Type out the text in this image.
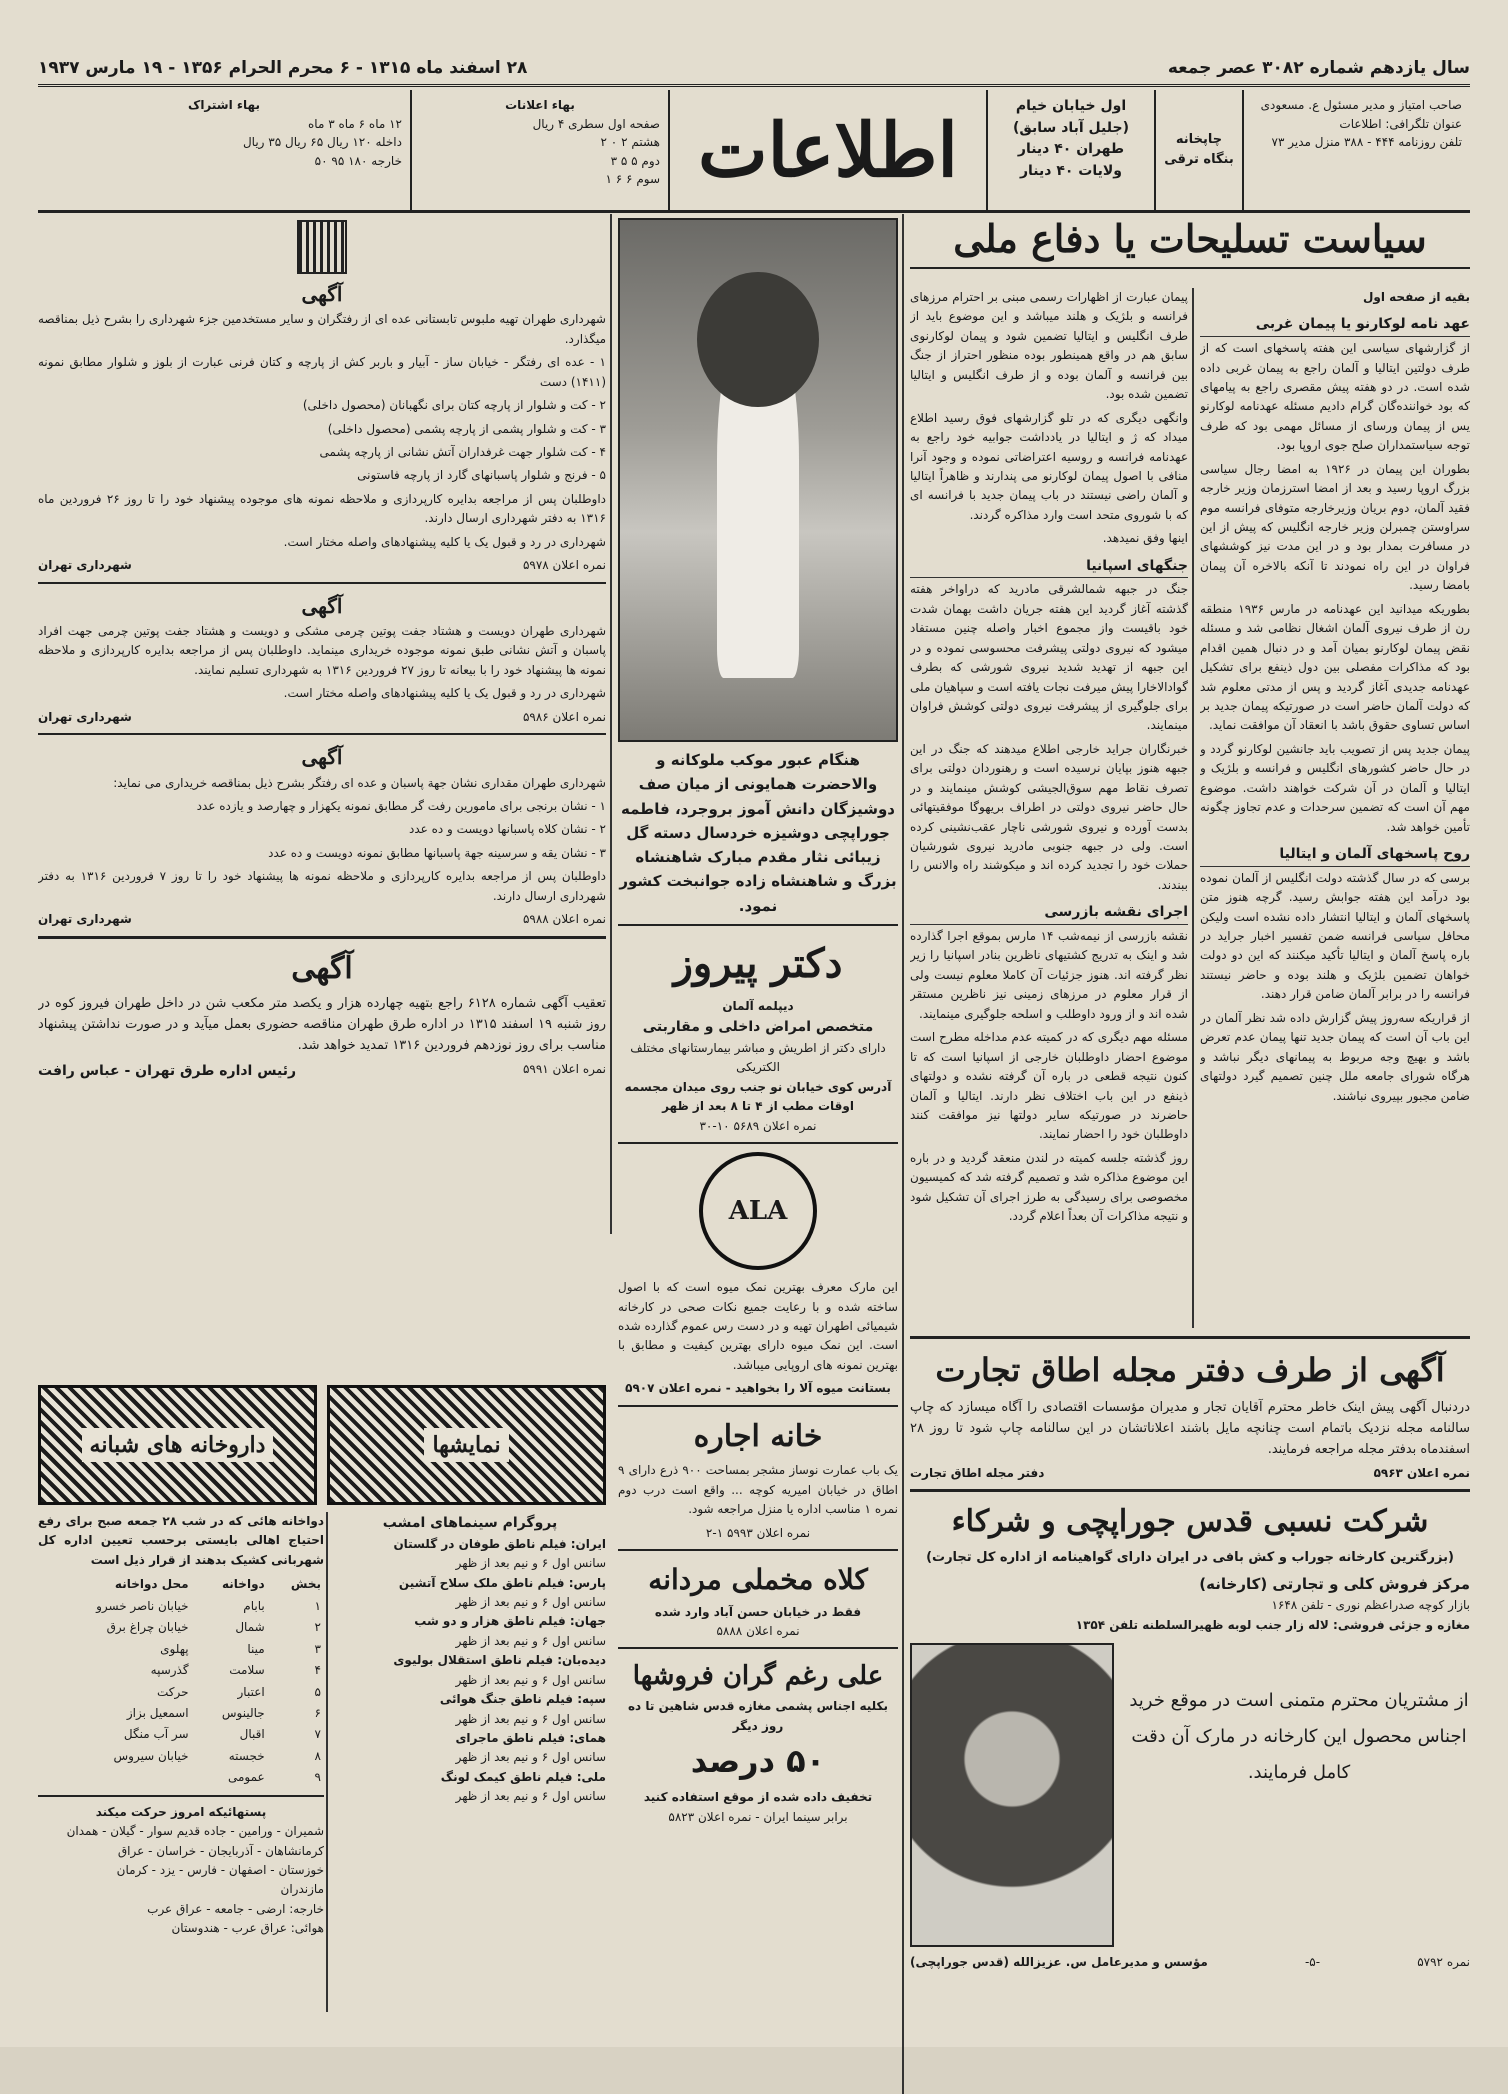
سال یازدهم شماره ۳۰۸۲ عصر جمعه
۲۸ اسفند ماه ۱۳۱۵ - ۶ محرم الحرام ۱۳۵۶ - ۱۹ مارس ۱۹۳۷
صاحب امتیاز و مدیر مسئول ع. مسعودی
عنوان تلگرافی: اطلاعات
تلفن روزنامه ۴۴۴ - ۳۸۸ منزل مدیر ۷۳
چاپخانه بنگاه ترقی
اول خیابان خیام
(جلیل آباد سابق)
طهران ۴۰ دینار
ولایات ۴۰ دینار
اطلاعات
بهاء اعلانات
صفحه اول سطری ۴ ریال
هشتم ۲ ۰ ۲
دوم ۵ ۵ ۳
سوم ۶ ۶ ۱
بهاء اشتراک
۱۲ ماه ۶ ماه ۳ ماه
داخله ۱۲۰ ریال ۶۵ ریال ۳۵ ریال
خارجه ۱۸۰ ۹۵ ۵۰
سیاست تسلیحات یا دفاع ملی
بقیه از صفحه اول
عهد نامه لوکارنو یا پیمان غربی

از گزارشهای سیاسی این هفته پاسخهای است که از طرف دولتین ایتالیا و آلمان راجع به پیمان غربی داده شده است. در دو هفته پیش مقصری راجع به پیامهای که بود خواننده‌گان گرام دادیم مسئله عهدنامه لوکارنو یس از پیمان ورسای از مسائل مهمی بود که طرف توجه سیاستمداران صلح جوی اروپا بود.

بطوران این پیمان در ۱۹۲۶ به امضا رجال سیاسی بزرگ اروپا رسید و بعد از امضا استرزمان وزیر خارجه فقید آلمان، دوم بریان وزیرخارجه متوفای فرانسه موم سراوستن چمبرلن وزیر خارجه انگلیس که پیش از این در مسافرت بمدار بود و در این مدت نیز کوششهای فراوان در این راه نمودند تا آنکه بالاخره آن پیمان بامضا رسید.

بطوریکه میدانید این عهدنامه در مارس ۱۹۳۶ منطقه رن از طرف نیروی آلمان اشغال نظامی شد و مسئله نقض پیمان لوکارنو بمیان آمد و در دنبال همین اقدام بود که مذاکرات مفصلی بین دول ذینفع برای تشکیل عهدنامه جدیدی آغاز گردید و پس از مدتی معلوم شد که دولت آلمان حاضر است در صورتیکه پیمان جدید بر اساس تساوی حقوق باشد با انعقاد آن موافقت نماید.

پیمان جدید پس از تصویب باید جانشین لوکارنو گردد و در حال حاضر کشورهای انگلیس و فرانسه و بلژیک و ایتالیا و آلمان در آن شرکت خواهند داشت. موضوع مهم آن است که تضمین سرحدات و عدم تجاوز چگونه تأمین خواهد شد.

روح پاسخهای آلمان و ایتالیا

برسی که در سال گذشته دولت انگلیس از آلمان نموده بود درآمد این هفته جوابش رسید. گرچه هنوز متن پاسخهای آلمان و ایتالیا انتشار داده نشده است ولیکن محافل سیاسی فرانسه ضمن تفسیر اخبار جراید در باره پاسخ آلمان و ایتالیا تأکید میکنند که این دو دولت خواهان تضمین بلژیک و هلند بوده و حاضر نیستند فرانسه را در برابر آلمان ضامن قرار دهند.

از قراریکه سه‌روز پیش گزارش داده شد نظر آلمان در این باب آن است که پیمان جدید تنها پیمان عدم تعرض باشد و بهیچ وجه مربوط به پیمانهای دیگر نباشد و هرگاه شورای جامعه ملل چنین تصمیم گیرد دولتهای ضامن مجبور بپیروی نباشند.

پیمان عبارت از اظهارات رسمی مبنی بر احترام مرزهای فرانسه و بلژیک و هلند میباشد و این موضوع باید از طرف انگلیس و ایتالیا تضمین شود و پیمان لوکارنوی سابق هم در واقع همینطور بوده منظور احتراز از جنگ بین فرانسه و آلمان بوده و از طرف انگلیس و ایتالیا تضمین شده بود.

وانگهی دیگری که در تلو گزارشهای فوق رسید اطلاع میداد که ژ و ایتالیا در یادداشت جوابیه خود راجع به عهدنامه فرانسه و روسیه اعتراضاتی نموده و وجود آنرا منافی با اصول پیمان لوکارنو می پندارند و ظاهراً ایتالیا و آلمان راضی نیستند در باب پیمان جدید با فرانسه ای که با شوروی متحد است وارد مذاکره گردند.

اینها وفق نمیدهد.

جنگهای اسپانیا

جنگ در جبهه شمالشرقی مادرید که دراواخر هفته گذشته آغاز گردید این هفته جریان داشت بهمان شدت خود باقیست واز مجموع اخبار واصله چنین مستفاد میشود که نیروی دولتی پیشرفت محسوسی نموده و در این جبهه از تهدید شدید نیروی شورشی که بطرف گوادالاخارا پیش میرفت نجات یافته است و سپاهیان ملی برای جلوگیری از پیشرفت نیروی دولتی کوشش فراوان مینمایند.

خبرنگاران جراید خارجی اطلاع میدهند که جنگ در این جبهه هنوز بپایان نرسیده است و رهنوردان دولتی برای تصرف نقاط مهم سوق‌الجیشی کوشش مینمایند و در حال حاضر نیروی دولتی در اطراف بریهوگا موفقیتهائی بدست آورده و نیروی شورشی ناچار عقب‌نشینی کرده است. ولی در جبهه جنوبی مادرید نیروی شورشیان حملات خود را تجدید کرده اند و میکوشند راه والانس را ببندند.

اجرای نقشه بازرسی

نقشه بازرسی از نیمه‌شب ۱۴ مارس بموقع اجرا گذارده شد و اینک به تدریج کشتیهای ناظرین بنادر اسپانیا را زیر نظر گرفته اند. هنوز جزئیات آن کاملا معلوم نیست ولی از قرار معلوم در مرزهای زمینی نیز ناظرین مستقر شده اند و از ورود داوطلب و اسلحه جلوگیری مینمایند.

مسئله مهم دیگری که در کمیته عدم مداخله مطرح است موضوع احضار داوطلبان خارجی از اسپانیا است که تا کنون نتیجه قطعی در باره آن گرفته نشده و دولتهای ذینفع در این باب اختلاف نظر دارند. ایتالیا و آلمان حاضرند در صورتیکه سایر دولتها نیز موافقت کنند داوطلبان خود را احضار نمایند.

روز گذشته جلسه کمیته در لندن منعقد گردید و در باره این موضوع مذاکره شد و تصمیم گرفته شد که کمیسیون مخصوصی برای رسیدگی به طرز اجرای آن تشکیل شود و نتیجه مذاکرات آن بعداً اعلام گردد.

هنگام عبور موکب ملوکانه و والاحضرت همایونی از میان صف دوشیزگان دانش آموز بروجرد، فاطمه جوراپچی دوشیزه خردسال دسته گل زیبائی نثار مقدم مبارک شاهنشاه بزرگ و شاهنشاه زاده جوانبخت کشور نمود.

دکتر پیروز
دیپلمه آلمان
متخصص امراض داخلی و مقاربتی
دارای دکتر از اطریش و مباشر بیمارستانهای مختلف الکتریکی
آدرس کوی خیابان نو جنب روی میدان مجسمه
اوقات مطب از ۴ تا ۸ بعد از ظهر
نمره اعلان ۵۶۸۹ ۱۰-۳۰
ALA

این مارک معرف بهترین نمک میوه است که با اصول ساخته شده و با رعایت جمیع نکات صحی در کارخانه شیمیائی اطهران تهیه و در دست رس عموم گذارده شده است. این نمک میوه دارای بهترین کیفیت و مطابق با بهترین نمونه های اروپایی میباشد.

بستانت میوه آلا را بخواهید - نمره اعلان ۵۹۰۷
خانه اجاره

یک باب عمارت نوساز مشجر بمساحت ۹۰۰ ذرع دارای ۹ اطاق در خیابان امیریه کوچه ... واقع است درب دوم نمره ۱ مناسب اداره یا منزل مراجعه شود.

نمره اعلان ۵۹۹۳ ۱-۲
کلاه مخملی مردانه
فقط در خیابان حسن آباد وارد شده
نمره اعلان ۵۸۸۸
علی رغم گران فروشها
بکلیه اجناس پشمی مغازه قدس شاهین تا ده روز دیگر
۵۰ درصد
تخفیف داده شده از موقع استفاده کنید
برابر سینما ایران - نمره اعلان ۵۸۲۳
آگهی

شهرداری طهران تهیه ملبوس تابستانی عده ای از رفتگران و سایر مستخدمین جزء شهرداری را بشرح ذیل بمناقصه میگذارد.

۱ - عده ای رفتگر - خیابان ساز - آبیار و باربر کش از پارچه و کتان فرنی عبارت از بلوز و شلوار مطابق نمونه (۱۴۱۱) دست

۲ - کت و شلوار از پارچه کتان برای نگهبانان (محصول داخلی)

۳ - کت و شلوار پشمی از پارچه پشمی (محصول داخلی)

۴ - کت شلوار جهت غرفداران آتش نشانی از پارچه پشمی

۵ - فرنج و شلوار پاسبانهای گارد از پارچه فاستونی

داوطلبان پس از مراجعه بدایره کارپردازی و ملاحظه نمونه های موجوده پیشنهاد خود را تا روز ۲۶ فروردین ماه ۱۳۱۶ به دفتر شهرداری ارسال دارند.

شهرداری در رد و قبول یک یا کلیه پیشنهادهای واصله مختار است.

نمره اعلان ۵۹۷۸
شهرداری تهران
آگهی

شهرداری طهران دویست و هشتاد جفت پوتین چرمی مشکی و دویست و هشتاد جفت پوتین چرمی جهت افراد پاسبان و آتش نشانی طبق نمونه موجوده خریداری مینماید. داوطلبان پس از مراجعه بدایره کارپردازی و ملاحظه نمونه ها پیشنهاد خود را با بیعانه تا روز ۲۷ فروردین ۱۳۱۶ به شهرداری تسلیم نمایند.

شهرداری در رد و قبول یک یا کلیه پیشنهادهای واصله مختار است.

نمره اعلان ۵۹۸۶
شهرداری تهران
آگهی

شهرداری طهران مقداری نشان جهة پاسبان و عده ای رفتگر بشرح ذیل بمناقصه خریداری می نماید:

۱ - نشان برنجی برای مامورین رفت گر مطابق نمونه یکهزار و چهارصد و یازده عدد

۲ - نشان کلاه پاسبانها دویست و ده عدد

۳ - نشان یقه و سرسینه جهة پاسبانها مطابق نمونه دویست و ده عدد

داوطلبان پس از مراجعه بدایره کارپردازی و ملاحظه نمونه ها پیشنهاد خود را تا روز ۷ فروردین ۱۳۱۶ به دفتر شهرداری ارسال دارند.

نمره اعلان ۵۹۸۸
شهرداری تهران
آگهی

تعقیب آگهی شماره ۶۱۲۸ راجع بتهیه چهارده هزار و یکصد متر مکعب شن در داخل طهران فیروز کوه در روز شنبه ۱۹ اسفند ۱۳۱۵ در اداره طرق طهران مناقصه حضوری بعمل میآید و در صورت نداشتن پیشنهاد مناسب برای روز نوزدهم فروردین ۱۳۱۶ تمدید خواهد شد.

نمره اعلان ۵۹۹۱
رئیس اداره طرق تهران - عباس رافت
نمایشها
داروخانه های شبانه

دواخانه هائی که در شب ۲۸ جمعه صبح برای رفع احتیاج اهالی بایستی برحسب تعیین اداره کل شهربانی کشیک بدهند از قرار ذیل است

بخش	دواخانه	محل دواخانه
۱	بابام	خیابان ناصر خسرو
۲	شمال	خیابان چراغ برق
۳	مینا	پهلوی
۴	سلامت	گذرسپه
۵	اعتبار	حرکت
۶	جالینوس	اسمعیل بزاز
۷	اقبال	سر آب منگل
۸	خجسته	خیابان سیروس
۹	عمومی	
پستهائیکه امروز حرکت میکند
شمیران - ورامین - جاده قدیم سوار - گیلان - همدان
کرمانشاهان - آذربایجان - خراسان - عراق
خوزستان - اصفهان - فارس - یزد - کرمان
مازندران
خارجه: ارضی - جامعه - عراق عرب
هوائی: عراق عرب - هندوستان
پروگرام سینماهای امشب
ایران: فیلم ناطق طوفان در گلستان
سانس اول ۶ و نیم بعد از ظهر
پارس: فیلم ناطق ملک سلاح آتشین
سانس اول ۶ و نیم بعد از ظهر
جهان: فیلم ناطق هزار و دو شب
سانس اول ۶ و نیم بعد از ظهر
دیده‌بان: فیلم ناطق استقلال بولیوی
سانس اول ۶ و نیم بعد از ظهر
سپه: فیلم ناطق جنگ هوائی
سانس اول ۶ و نیم بعد از ظهر
همای: فیلم ناطق ماجرای
سانس اول ۶ و نیم بعد از ظهر
ملی: فیلم ناطق کیمک لونگ
سانس اول ۶ و نیم بعد از ظهر
آگهی از طرف دفتر مجله اطاق تجارت

دردنبال آگهی پیش اینک خاطر محترم آقایان تجار و مدیران مؤسسات اقتصادی را آگاه میسازد که چاپ سالنامه مجله نزدیک باتمام است چنانچه مایل باشند اعلاناتشان در این سالنامه چاپ شود تا روز ۲۸ اسفندماه بدفتر مجله مراجعه فرمایند.

نمره اعلان ۵۹۶۳
دفتر مجله اطاق تجارت
شرکت نسبی قدس جوراپچی و شرکاء
(بزرگترین کارخانه جوراب و کش بافی در ایران دارای گواهینامه از اداره کل تجارت)
مرکز فروش کلی و تجارتی (کارخانه)
بازار کوچه صدراعظم نوری - تلفن ۱۶۴۸
مغازه و جزئی فروشی: لاله زار جنب لوبه ظهیرالسلطنه تلفن ۱۳۵۴
از مشتریان محترم متمنی است در موقع خرید اجناس محصول این کارخانه در مارک آن دقت کامل فرمایند.
نمره ۵۷۹۲
-۵-
مؤسس و مدیرعامل س. عزیزالله (قدس جوراپچی)
